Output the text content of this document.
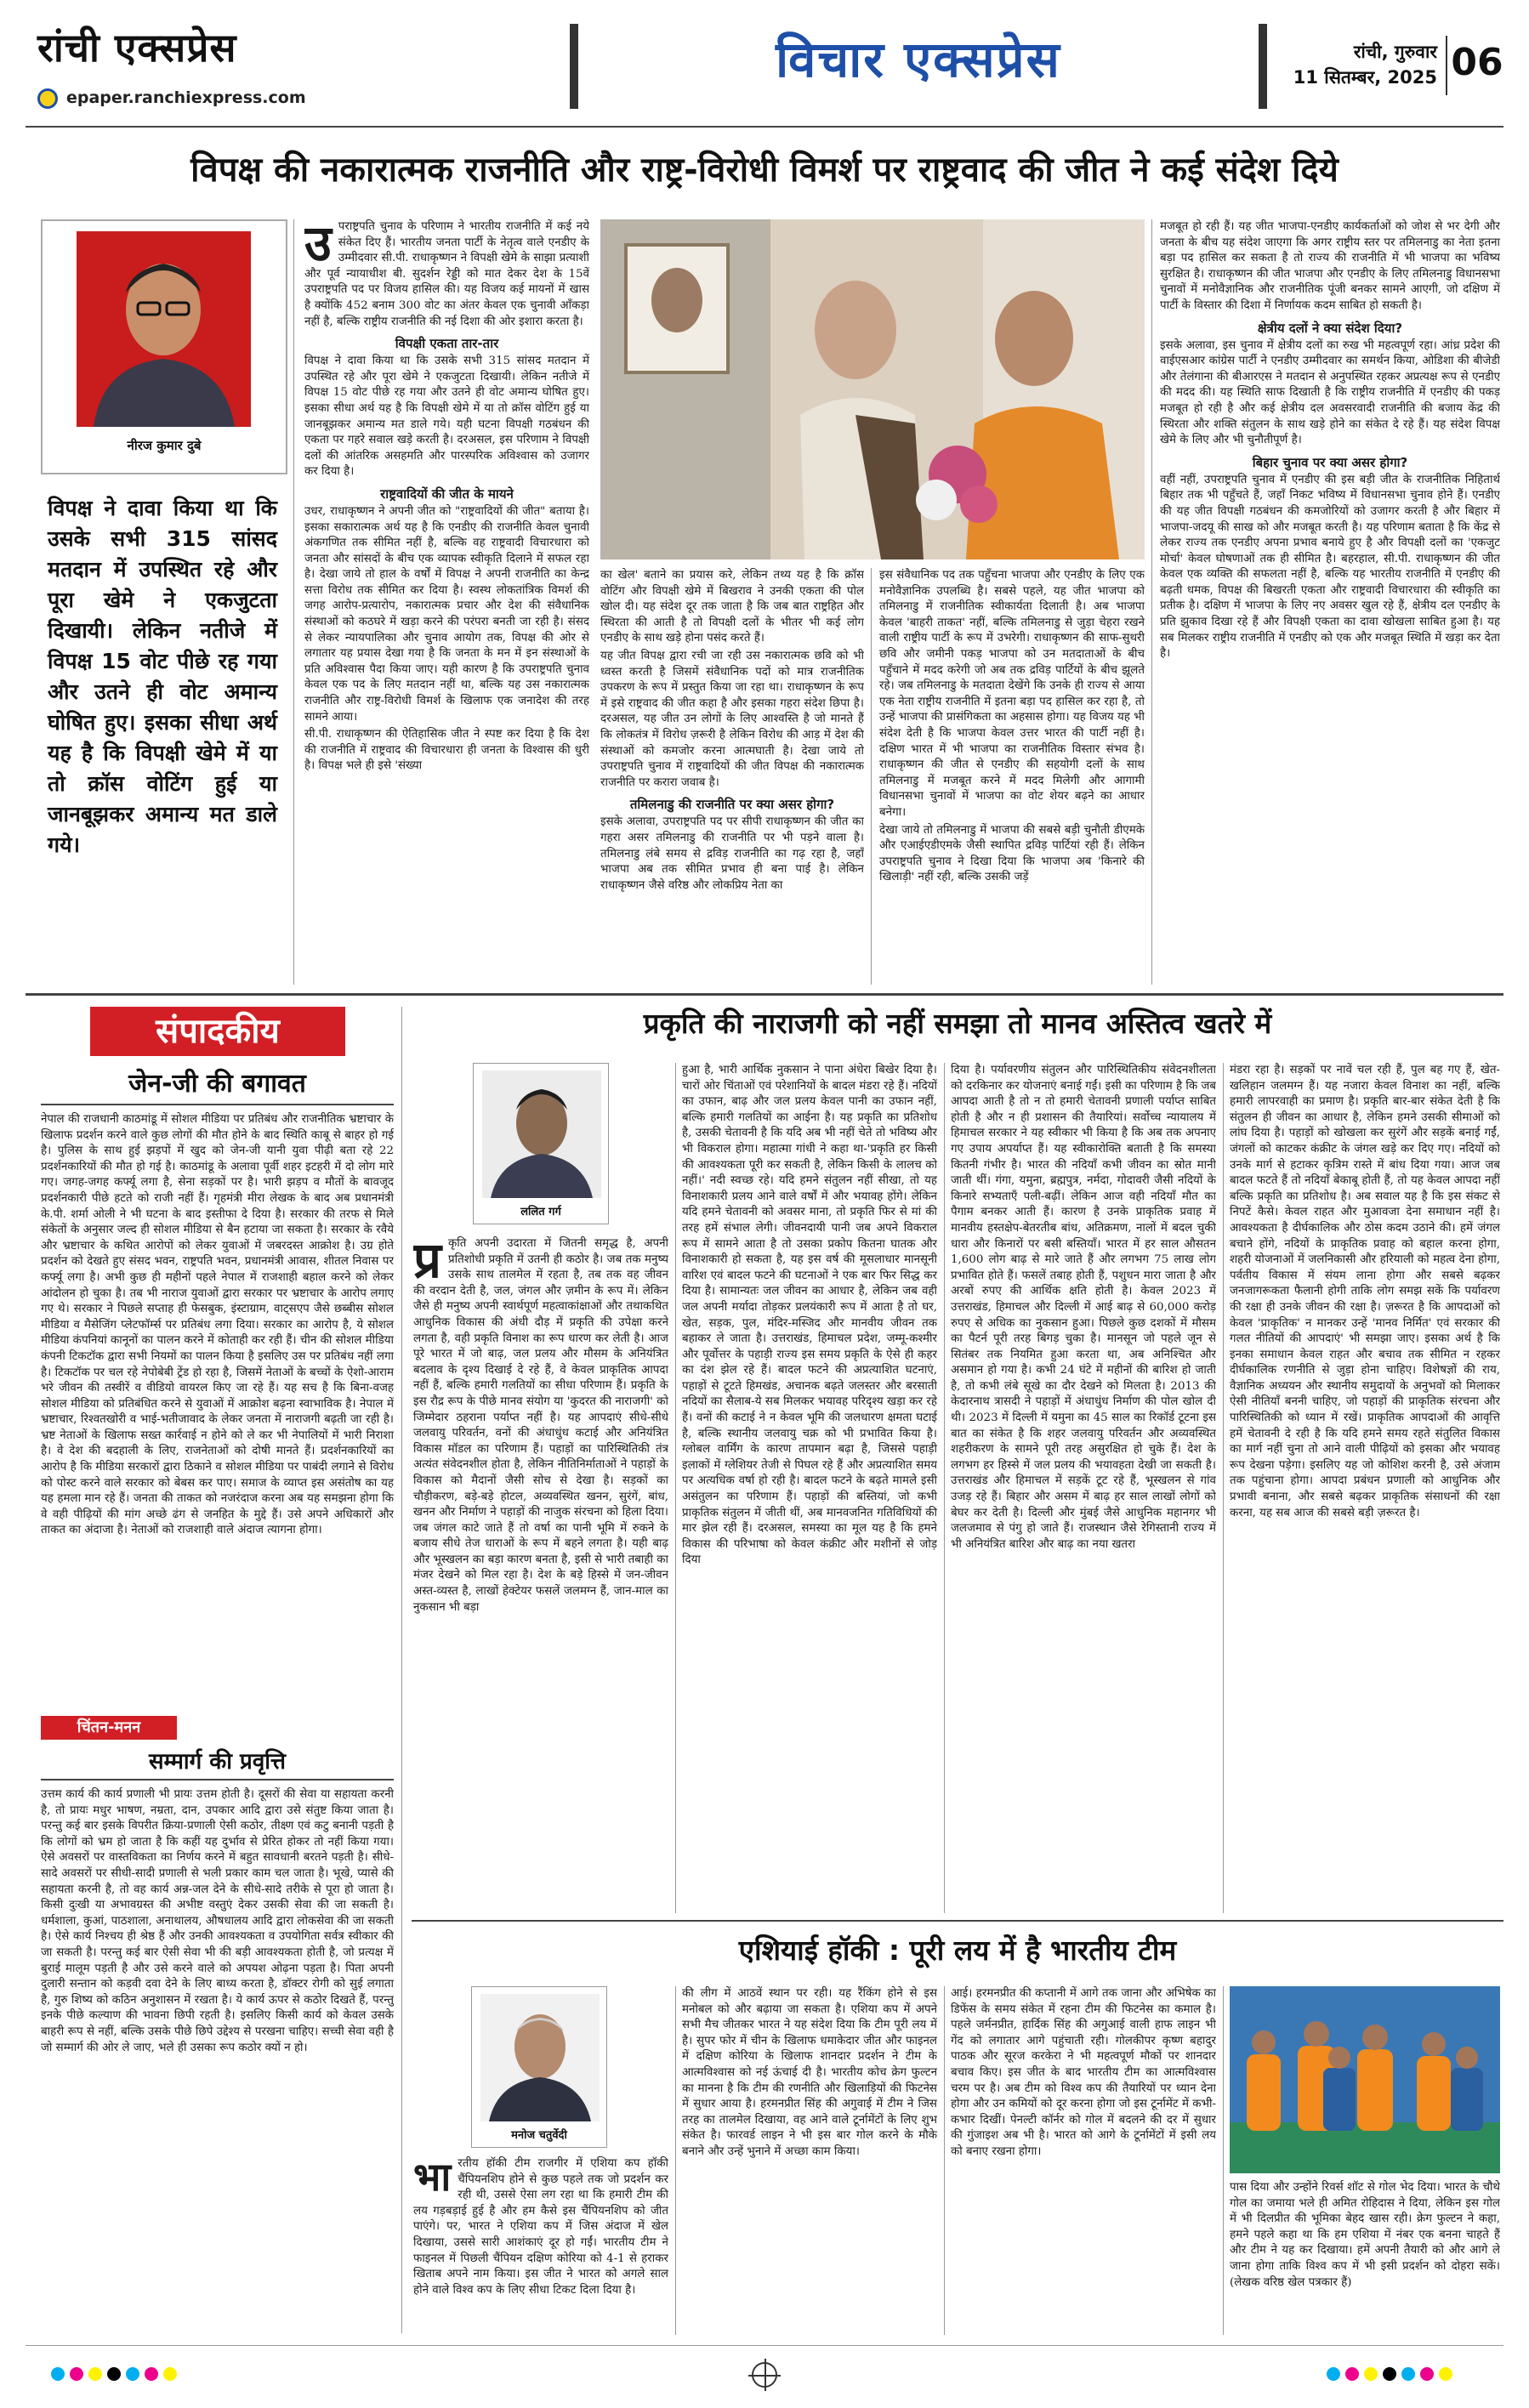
रांची एक्सप्रेस
epaper.ranchiexpress.com
विचार एक्सप्रेस	रांची, गुरुवार
11 सितम्बर, 2025 06
विपक्ष की नकारात्मक राजनीति और राष्ट्र-विरोधी विमर्श पर राष्ट्रवाद की जीत ने कई संदेश दिये
नीरज कुमार दुबे
विपक्ष ने दावा किया था कि उसके सभी 315 सांसद मतदान में उपस्थित रहे और पूरा खेमे ने एकजुटता दिखायी। लेकिन नतीजे में विपक्ष 15 वोट पीछे रह गया और उतने ही वोट अमान्य घोषित हुए। इसका सीधा अर्थ यह है कि विपक्षी खेमे में या तो क्रॉस वोटिंग हुई या जानबूझकर अमान्य मत डाले गये।
उ पराष्ट्रपति चुनाव के परिणाम ने भारतीय राजनीति में कई नये संकेत दिए हैं। भारतीय जनता पार्टी के नेतृत्व वाले एनडीए के उम्मीदवार सी.पी. राधाकृष्णन ने विपक्षी खेमे के साझा प्रत्याशी और पूर्व न्यायाधीश बी. सुदर्शन रेड्डी को मात देकर देश के 15वें उपराष्ट्रपति पद पर विजय हासिल की। यह विजय कई मायनों में खास है क्योंकि 452 बनाम 300 वोट का अंतर केवल एक चुनावी आँकड़ा नहीं है, बल्कि राष्ट्रीय राजनीति की नई दिशा की ओर इशारा करता है।

विपक्षी एकता तार-तार

विपक्ष ने दावा किया था कि उसके सभी 315 सांसद मतदान में उपस्थित रहे और पूरा खेमे ने एकजुटता दिखायी। लेकिन नतीजे में विपक्ष 15 वोट पीछे रह गया और उतने ही वोट अमान्य घोषित हुए। इसका सीधा अर्थ यह है कि विपक्षी खेमे में या तो क्रॉस वोटिंग हुई या जानबूझकर अमान्य मत डाले गये। यही घटना विपक्षी गठबंधन की एकता पर गहरे सवाल खड़े करती है। दरअसल, इस परिणाम ने विपक्षी दलों की आंतरिक असहमति और पारस्परिक अविश्वास को उजागर कर दिया है।

राष्ट्रवादियों की जीत के मायने

उधर, राधाकृष्णन ने अपनी जीत को "राष्ट्रवादियों की जीत" बताया है। इसका सकारात्मक अर्थ यह है कि एनडीए की राजनीति केवल चुनावी अंकगणित तक सीमित नहीं है, बल्कि वह राष्ट्रवादी विचारधारा को जनता और सांसदों के बीच एक व्यापक स्वीकृति दिलाने में सफल रहा है। देखा जाये तो हाल के वर्षों में विपक्ष ने अपनी राजनीति का केन्द्र सत्ता विरोध तक सीमित कर दिया है। स्वस्थ लोकतांत्रिक विमर्श की जगह आरोप-प्रत्यारोप, नकारात्मक प्रचार और देश की संवैधानिक संस्थाओं को कठघरे में खड़ा करने की परंपरा बनती जा रही है। संसद से लेकर न्यायपालिका और चुनाव आयोग तक, विपक्ष की ओर से लगातार यह प्रयास देखा गया है कि जनता के मन में इन संस्थाओं के प्रति अविश्वास पैदा किया जाए। यही कारण है कि उपराष्ट्रपति चुनाव केवल एक पद के लिए मतदान नहीं था, बल्कि यह उस नकारात्मक राजनीति और राष्ट्र-विरोधी विमर्श के खिलाफ एक जनादेश की तरह सामने आया।

सी.पी. राधाकृष्णन की ऐतिहासिक जीत ने स्पष्ट कर दिया है कि देश की राजनीति में राष्ट्रवाद की विचारधारा ही जनता के विश्वास की धुरी है। विपक्ष भले ही इसे 'संख्या

का खेल' बताने का प्रयास करे, लेकिन तथ्य यह है कि क्रॉस वोटिंग और विपक्षी खेमे में बिखराव ने उनकी एकता की पोल खोल दी। यह संदेश दूर तक जाता है कि जब बात राष्ट्रहित और स्थिरता की आती है तो विपक्षी दलों के भीतर भी कई लोग एनडीए के साथ खड़े होना पसंद करते हैं।

यह जीत विपक्ष द्वारा रची जा रही उस नकारात्मक छवि को भी ध्वस्त करती है जिसमें संवैधानिक पदों को मात्र राजनीतिक उपकरण के रूप में प्रस्तुत किया जा रहा था। राधाकृष्णन के रूप में इसे राष्ट्रवाद की जीत कहा है और इसका गहरा संदेश छिपा है। दरअसल, यह जीत उन लोगों के लिए आश्वस्ति है जो मानते हैं कि लोकतंत्र में विरोध ज़रूरी है लेकिन विरोध की आड़ में देश की संस्थाओं को कमजोर करना आत्मघाती है। देखा जाये तो उपराष्ट्रपति चुनाव में राष्ट्रवादियों की जीत विपक्ष की नकारात्मक राजनीति पर करारा जवाब है।

तमिलनाडु की राजनीति पर क्या असर होगा?

इसके अलावा, उपराष्ट्रपति पद पर सीपी राधाकृष्णन की जीत का गहरा असर तमिलनाडु की राजनीति पर भी पड़ने वाला है। तमिलनाडु लंबे समय से द्रविड़ राजनीति का गढ़ रहा है, जहाँ भाजपा अब तक सीमित प्रभाव ही बना पाई है। लेकिन राधाकृष्णन जैसे वरिष्ठ और लोकप्रिय नेता का

इस संवैधानिक पद तक पहुँचना भाजपा और एनडीए के लिए एक मनोवैज्ञानिक उपलब्धि है। सबसे पहले, यह जीत भाजपा को तमिलनाडु में राजनीतिक स्वीकार्यता दिलाती है। अब भाजपा केवल 'बाहरी ताकत' नहीं, बल्कि तमिलनाडु से जुड़ा चेहरा रखने वाली राष्ट्रीय पार्टी के रूप में उभरेगी। राधाकृष्णन की साफ-सुथरी छवि और जमीनी पकड़ भाजपा को उन मतदाताओं के बीच पहुँचाने में मदद करेगी जो अब तक द्रविड़ पार्टियों के बीच झूलते रहे। जब तमिलनाडु के मतदाता देखेंगे कि उनके ही राज्य से आया एक नेता राष्ट्रीय राजनीति में इतना बड़ा पद हासिल कर रहा है, तो उन्हें भाजपा की प्रासंगिकता का अहसास होगा। यह विजय यह भी संदेश देती है कि भाजपा केवल उत्तर भारत की पार्टी नहीं है। दक्षिण भारत में भी भाजपा का राजनीतिक विस्तार संभव है। राधाकृष्णन की जीत से एनडीए की सहयोगी दलों के साथ तमिलनाडु में मजबूत करने में मदद मिलेगी और आगामी विधानसभा चुनावों में भाजपा का वोट शेयर बढ़ने का आधार बनेगा।

देखा जाये तो तमिलनाडु में भाजपा की सबसे बड़ी चुनौती डीएमके और एआईएडीएमके जैसी स्थापित द्रविड़ पार्टियां रही हैं। लेकिन उपराष्ट्रपति चुनाव ने दिखा दिया कि भाजपा अब 'किनारे की खिलाड़ी' नहीं रही, बल्कि उसकी जड़ें

मजबूत हो रही हैं। यह जीत भाजपा-एनडीए कार्यकर्ताओं को जोश से भर देगी और जनता के बीच यह संदेश जाएगा कि अगर राष्ट्रीय स्तर पर तमिलनाडु का नेता इतना बड़ा पद हासिल कर सकता है तो राज्य की राजनीति में भी भाजपा का भविष्य सुरक्षित है। राधाकृष्णन की जीत भाजपा और एनडीए के लिए तमिलनाडु विधानसभा चुनावों में मनोवैज्ञानिक और राजनीतिक पूंजी बनकर सामने आएगी, जो दक्षिण में पार्टी के विस्तार की दिशा में निर्णायक कदम साबित हो सकती है।

क्षेत्रीय दलों ने क्या संदेश दिया?

इसके अलावा, इस चुनाव में क्षेत्रीय दलों का रुख भी महत्वपूर्ण रहा। आंध्र प्रदेश की वाईएसआर कांग्रेस पार्टी ने एनडीए उम्मीदवार का समर्थन किया, ओडिशा की बीजेडी और तेलंगाना की बीआरएस ने मतदान से अनुपस्थित रहकर अप्रत्यक्ष रूप से एनडीए की मदद की। यह स्थिति साफ दिखाती है कि राष्ट्रीय राजनीति में एनडीए की पकड़ मजबूत हो रही है और कई क्षेत्रीय दल अवसरवादी राजनीति की बजाय केंद्र की स्थिरता और शक्ति संतुलन के साथ खड़े होने का संकेत दे रहे हैं। यह संदेश विपक्ष खेमे के लिए और भी चुनौतीपूर्ण है।

बिहार चुनाव पर क्या असर होगा?

वहीं नहीं, उपराष्ट्रपति चुनाव में एनडीए की इस बड़ी जीत के राजनीतिक निहितार्थ बिहार तक भी पहुँचते हैं, जहाँ निकट भविष्य में विधानसभा चुनाव होने हैं। एनडीए की यह जीत विपक्षी गठबंधन की कमजोरियों को उजागर करती है और बिहार में भाजपा-जदयू की साख को और मजबूत करती है। यह परिणाम बताता है कि केंद्र से लेकर राज्य तक एनडीए अपना प्रभाव बनाये हुए है और विपक्षी दलों का 'एकजुट मोर्चा' केवल घोषणाओं तक ही सीमित है। बहरहाल, सी.पी. राधाकृष्णन की जीत केवल एक व्यक्ति की सफलता नहीं है, बल्कि यह भारतीय राजनीति में एनडीए की बढ़ती धमक, विपक्ष की बिखरती एकता और राष्ट्रवादी विचारधारा की स्वीकृति का प्रतीक है। दक्षिण में भाजपा के लिए नए अवसर खुल रहे हैं, क्षेत्रीय दल एनडीए के प्रति झुकाव दिखा रहे हैं और विपक्षी एकता का दावा खोखला साबित हुआ है। यह सब मिलकर राष्ट्रीय राजनीति में एनडीए को एक और मजबूत स्थिति में खड़ा कर देता है।

संपादकीय
जेन-जी की बगावत
नेपाल की राजधानी काठमांडू में सोशल मीडिया पर प्रतिबंध और राजनीतिक भ्रष्टाचार के खिलाफ प्रदर्शन करने वाले कुछ लोगों की मौत होने के बाद स्थिति काबू से बाहर हो गई है। पुलिस के साथ हुई झड़पों में खुद को जेन-जी यानी युवा पीढ़ी बता रहे 22 प्रदर्शनकारियों की मौत हो गई है। काठमांडू के अलावा पूर्वी शहर इटहरी में दो लोग मारे गए। जगह-जगह कर्फ्यू लगा है, सेना सड़कों पर है। भारी झड़प व मौतों के बावजूद प्रदर्शनकारी पीछे हटते को राजी नहीं हैं। गृहमंत्री मीरा लेखक के बाद अब प्रधानमंत्री के.पी. शर्मा ओली ने भी घटना के बाद इस्तीफा दे दिया है। सरकार की तरफ से मिले संकेतों के अनुसार जल्द ही सोशल मीडिया से बैन हटाया जा सकता है। सरकार के रवैये और भ्रष्टाचार के कथित आरोपों को लेकर युवाओं में जबरदस्त आक्रोश है। उग्र होते प्रदर्शन को देखते हुए संसद भवन, राष्ट्रपति भवन, प्रधानमंत्री आवास, शीतल निवास पर कर्फ्यू लगा है। अभी कुछ ही महीनों पहले नेपाल में राजशाही बहाल करने को लेकर आंदोलन हो चुका है। तब भी नाराज युवाओं द्वारा सरकार पर भ्रष्टाचार के आरोप लगाए गए थे। सरकार ने पिछले सप्ताह ही फेसबुक, इंस्टाग्राम, वाट्सएप जैसे छब्बीस सोशल मीडिया व मैसेजिंग प्लेटफॉर्म्स पर प्रतिबंध लगा दिया। सरकार का आरोप है, ये सोशल मीडिया कंपनियां कानूनों का पालन करने में कोताही कर रही हैं। चीन की सोशल मीडिया कंपनी टिकटॉक द्वारा सभी नियमों का पालन किया है इसलिए उस पर प्रतिबंध नहीं लगा है। टिकटॉक पर चल रहे नेपोबेबी ट्रेंड हो रहा है, जिसमें नेताओं के बच्चों के ऐशो-आराम भरे जीवन की तस्वीरें व वीडियो वायरल किए जा रहे हैं। यह सच है कि बिना-वजह सोशल मीडिया को प्रतिबंधित करने से युवाओं में आक्रोश बढ़ना स्वाभाविक है। नेपाल में भ्रष्टाचार, रिश्वतखोरी व भाई-भतीजावाद के लेकर जनता में नाराजगी बढ़ती जा रही है। भ्रष्ट नेताओं के खिलाफ सख्त कार्रवाई न होने को ले कर भी नेपालियों में भारी निराशा है। वे देश की बदहाली के लिए, राजनेताओं को दोषी मानते हैं। प्रदर्शनकारियों का आरोप है कि मीडिया सरकारों द्वारा ठिकाने व सोशल मीडिया पर पाबंदी लगाने से विरोध को पोस्ट करने वाले सरकार को बेबस कर पाए। समाज के व्याप्त इस असंतोष का यह यह हमला मान रहे हैं। जनता की ताकत को नजरंदाज करना अब यह समझना होगा कि वे वही पीढ़ियों की मांग अच्छे ढंग से जनहित के मुद्दे हैं। उसे अपने अधिकारों और ताकत का अंदाजा है। नेताओं को राजशाही वाले अंदाज त्यागना होगा।
चिंतन-मनन
सम्मार्ग की प्रवृत्ति
उत्तम कार्य की कार्य प्रणाली भी प्रायः उत्तम होती है। दूसरों की सेवा या सहायता करनी है, तो प्रायः मधुर भाषण, नम्रता, दान, उपकार आदि द्वारा उसे संतुष्ट किया जाता है। परन्तु कई बार इसके विपरीत क्रिया-प्रणाली ऐसी कठोर, तीक्ष्ण एवं कटु बनानी पड़ती है कि लोगों को भ्रम हो जाता है कि कहीं यह दुर्भाव से प्रेरित होकर तो नहीं किया गया। ऐसे अवसरों पर वास्तविकता का निर्णय करने में बहुत सावधानी बरतने पड़ती है। सीधे-सादे अवसरों पर सीधी-सादी प्रणाली से भली प्रकार काम चल जाता है। भूखे, प्यासे की सहायता करनी है, तो वह कार्य अन्न-जल देने के सीधे-सादे तरीके से पूरा हो जाता है। किसी दुःखी या अभावग्रस्त की अभीष्ट वस्तुएं देकर उसकी सेवा की जा सकती है। धर्मशाला, कुआं, पाठशाला, अनाथालय, औषधालय आदि द्वारा लोकसेवा की जा सकती है। ऐसे कार्य निश्चय ही श्रेष्ठ हैं और उनकी आवश्यकता व उपयोगिता सर्वत्र स्वीकार की जा सकती है। परन्तु कई बार ऐसी सेवा भी की बड़ी आवश्यकता होती है, जो प्रत्यक्ष में बुराई मालूम पड़ती है और उसे करने वाले को अपयश ओढ़ना पड़ता है। पिता अपनी दुलारी सन्तान को कड़वी दवा देने के लिए बाध्य करता है, डॉक्टर रोगी को सुई लगाता है, गुरु शिष्य को कठिन अनुशासन में रखता है। ये कार्य ऊपर से कठोर दिखते हैं, परन्तु इनके पीछे कल्याण की भावना छिपी रहती है। इसलिए किसी कार्य को केवल उसके बाहरी रूप से नहीं, बल्कि उसके पीछे छिपे उद्देश्य से परखना चाहिए। सच्ची सेवा वही है जो सम्मार्ग की ओर ले जाए, भले ही उसका रूप कठोर क्यों न हो।
प्रकृति की नाराजगी को नहीं समझा तो मानव अस्तित्व खतरे में
ललित गर्ग
प्र कृति अपनी उदारता में जितनी समृद्ध है, अपनी प्रतिशोधी प्रकृति में उतनी ही कठोर है। जब तक मनुष्य उसके साथ तालमेल में रहता है, तब तक वह जीवन की वरदान देती है, जल, जंगल और ज़मीन के रूप में। लेकिन जैसे ही मनुष्य अपनी स्वार्थपूर्ण महत्वाकांक्षाओं और तथाकथित आधुनिक विकास की अंधी दौड़ में प्रकृति की उपेक्षा करने लगता है, वही प्रकृति विनाश का रूप धारण कर लेती है। आज पूरे भारत में जो बाढ़, जल प्रलय और मौसम के अनियंत्रित बदलाव के दृश्य दिखाई दे रहे हैं, वे केवल प्राकृतिक आपदा नहीं हैं, बल्कि हमारी गलतियों का सीधा परिणाम हैं। प्रकृति के इस रौद्र रूप के पीछे मानव संयोग या 'कुदरत की नाराजगी' को जिम्मेदार ठहराना पर्याप्त नहीं है। यह आपदाएं सीधे-सीधे जलवायु परिवर्तन, वनों की अंधाधुंध कटाई और अनियंत्रित विकास मॉडल का परिणाम हैं। पहाड़ों का पारिस्थितिकी तंत्र अत्यंत संवेदनशील होता है, लेकिन नीतिनिर्माताओं ने पहाड़ों के विकास को मैदानों जैसी सोच से देखा है। सड़कों का चौड़ीकरण, बड़े-बड़े होटल, अव्यवस्थित खनन, सुरंगें, बांध, खनन और निर्माण ने पहाड़ों की नाजुक संरचना को हिला दिया। जब जंगल काटे जाते हैं तो वर्षा का पानी भूमि में रुकने के बजाय सीधे तेज धाराओं के रूप में बहने लगता है। यही बाढ़ और भूस्खलन का बड़ा कारण बनता है, इसी से भारी तबाही का मंजर देखने को मिल रहा है। देश के बड़े हिस्से में जन-जीवन अस्त-व्यस्त है, लाखों हेक्टेयर फसलें जलमग्न हैं, जान-माल का नुकसान भी बड़ा
हुआ है, भारी आर्थिक नुकसान ने पाना अंधेरा बिखेर दिया है। चारों ओर चिंताओं एवं परेशानियों के बादल मंडरा रहे हैं। नदियों का उफान, बाढ़ और जल प्रलय केवल पानी का उफान नहीं, बल्कि हमारी गलतियों का आईना है। यह प्रकृति का प्रतिशोध है, उसकी चेतावनी है कि यदि अब भी नहीं चेते तो भविष्य और भी विकराल होगा। महात्मा गांधी ने कहा था-'प्रकृति हर किसी की आवश्यकता पूरी कर सकती है, लेकिन किसी के लालच को नहीं।' नदी स्वच्छ रहे। यदि हमने संतुलन नहीं सीखा, तो यह विनाशकारी प्रलय आने वाले वर्षों में और भयावह होंगे। लेकिन यदि हमने चेतावनी को अवसर माना, तो प्रकृति फिर से मां की तरह हमें संभाल लेगी। जीवनदायी पानी जब अपने विकराल रूप में सामने आता है तो उसका प्रकोप कितना घातक और विनाशकारी हो सकता है, यह इस वर्ष की मूसलाधार मानसूनी वारिश एवं बादल फटने की घटनाओं ने एक बार फिर सिद्ध कर दिया है। सामान्यतः जल जीवन का आधार है, लेकिन जब वही जल अपनी मर्यादा तोड़कर प्रलयंकारी रूप में आता है तो घर, खेत, सड़क, पुल, मंदिर-मस्जिद और मानवीय जीवन तक बहाकर ले जाता है। उत्तराखंड, हिमाचल प्रदेश, जम्मू-कश्मीर और पूर्वोत्तर के पहाड़ी राज्य इस समय प्रकृति के ऐसे ही कहर का दंश झेल रहे हैं। बादल फटने की अप्रत्याशित घटनाएं, पहाड़ों से टूटते हिमखंड, अचानक बढ़ते जलस्तर और बरसाती नदियों का सैलाब-ये सब मिलकर भयावह परिदृश्य खड़ा कर रहे हैं। वनों की कटाई ने न केवल भूमि की जलधारण क्षमता घटाई है, बल्कि स्थानीय जलवायु चक्र को भी प्रभावित किया है। ग्लोबल वार्मिंग के कारण तापमान बढ़ा है, जिससे पहाड़ी इलाकों में ग्लेशियर तेजी से पिघल रहे हैं और अप्रत्याशित समय पर अत्यधिक वर्षा हो रही है। बादल फटने के बढ़ते मामले इसी असंतुलन का परिणाम हैं। पहाड़ों की बस्तियां, जो कभी प्राकृतिक संतुलन में जीती थीं, अब मानवजनित गतिविधियों की मार झेल रही हैं। दरअसल, समस्या का मूल यह है कि हमने विकास की परिभाषा को केवल कंक्रीट और मशीनों से जोड़ दिया
दिया है। पर्यावरणीय संतुलन और पारिस्थितिकीय संवेदनशीलता को दरकिनार कर योजनाएं बनाई गईं। इसी का परिणाम है कि जब आपदा आती है तो न तो हमारी चेतावनी प्रणाली पर्याप्त साबित होती है और न ही प्रशासन की तैयारियां। सर्वोच्च न्यायालय में हिमाचल सरकार ने यह स्वीकार भी किया है कि अब तक अपनाए गए उपाय अपर्याप्त हैं। यह स्वीकारोक्ति बताती है कि समस्या कितनी गंभीर है। भारत की नदियाँ कभी जीवन का स्रोत मानी जाती थीं। गंगा, यमुना, ब्रह्मपुत्र, नर्मदा, गोदावरी जैसी नदियों के किनारे सभ्यताएँ पली-बढ़ीं। लेकिन आज वही नदियाँ मौत का पैगाम बनकर आती हैं। कारण है उनके प्राकृतिक प्रवाह में मानवीय हस्तक्षेप-बेतरतीब बांध, अतिक्रमण, नालों में बदल चुकी धारा और किनारों पर बसी बस्तियाँ। भारत में हर साल औसतन 1,600 लोग बाढ़ से मारे जाते हैं और लगभग 75 लाख लोग प्रभावित होते हैं। फसलें तबाह होती हैं, पशुधन मारा जाता है और अरबों रुपए की आर्थिक क्षति होती है। केवल 2023 में उत्तराखंड, हिमाचल और दिल्ली में आई बाढ़ से 60,000 करोड़ रुपए से अधिक का नुकसान हुआ। पिछले कुछ दशकों में मौसम का पैटर्न पूरी तरह बिगड़ चुका है। मानसून जो पहले जून से सितंबर तक नियमित हुआ करता था, अब अनिश्चित और असमान हो गया है। कभी 24 घंटे में महीनों की बारिश हो जाती है, तो कभी लंबे सूखे का दौर देखने को मिलता है। 2013 की केदारनाथ त्रासदी ने पहाड़ों में अंधाधुंध निर्माण की पोल खोल दी थी। 2023 में दिल्ली में यमुना का 45 साल का रिकॉर्ड टूटना इस बात का संकेत है कि शहर जलवायु परिवर्तन और अव्यवस्थित शहरीकरण के सामने पूरी तरह असुरक्षित हो चुके हैं। देश के लगभग हर हिस्से में जल प्रलय की भयावहता देखी जा सकती है। उत्तराखंड और हिमाचल में सड़कें टूट रहे हैं, भूस्खलन से गांव उजड़ रहे हैं। बिहार और असम में बाढ़ हर साल लाखों लोगों को बेघर कर देती है। दिल्ली और मुंबई जैसे आधुनिक महानगर भी जलजमाव से पंगु हो जाते हैं। राजस्थान जैसे रेगिस्तानी राज्य में भी अनियंत्रित बारिश और बाढ़ का नया खतरा
मंडरा रहा है। सड़कों पर नावें चल रही हैं, पुल बह गए हैं, खेत-खलिहान जलमग्न हैं। यह नजारा केवल विनाश का नहीं, बल्कि हमारी लापरवाही का प्रमाण है। प्रकृति बार-बार संकेत देती है कि संतुलन ही जीवन का आधार है, लेकिन हमने उसकी सीमाओं को लांघ दिया है। पहाड़ों को खोखला कर सुरंगें और सड़कें बनाई गईं, जंगलों को काटकर कंक्रीट के जंगल खड़े कर दिए गए। नदियों को उनके मार्ग से हटाकर कृत्रिम रास्ते में बांध दिया गया। आज जब बादल फटते हैं तो नदियाँ बेकाबू होती हैं, तो यह केवल आपदा नहीं बल्कि प्रकृति का प्रतिशोध है। अब सवाल यह है कि इस संकट से निपटें कैसे। केवल राहत और मुआवजा देना समाधान नहीं है। आवश्यकता है दीर्घकालिक और ठोस कदम उठाने की। हमें जंगल बचाने होंगे, नदियों के प्राकृतिक प्रवाह को बहाल करना होगा, शहरी योजनाओं में जलनिकासी और हरियाली को महत्व देना होगा, पर्वतीय विकास में संयम लाना होगा और सबसे बढ़कर जनजागरूकता फैलानी होगी ताकि लोग समझ सकें कि पर्यावरण की रक्षा ही उनके जीवन की रक्षा है। ज़रूरत है कि आपदाओं को केवल 'प्राकृतिक' न मानकर उन्हें 'मानव निर्मित' एवं सरकार की गलत नीतियों की आपदाएं' भी समझा जाए। इसका अर्थ है कि इनका समाधान केवल राहत और बचाव तक सीमित न रहकर दीर्घकालिक रणनीति से जुड़ा होना चाहिए। विशेषज्ञों की राय, वैज्ञानिक अध्ययन और स्थानीय समुदायों के अनुभवों को मिलाकर ऐसी नीतियाँ बननी चाहिए, जो पहाड़ों की प्राकृतिक संरचना और पारिस्थितिकी को ध्यान में रखें। प्राकृतिक आपदाओं की आवृत्ति हमें चेतावनी दे रही है कि यदि हमने समय रहते संतुलित विकास का मार्ग नहीं चुना तो आने वाली पीढ़ियों को इसका और भयावह रूप देखना पड़ेगा। इसलिए यह जो कोशिश करनी है, उसे अंजाम तक पहुंचाना होगा। आपदा प्रबंधन प्रणाली को आधुनिक और प्रभावी बनाना, और सबसे बढ़कर प्राकृतिक संसाधनों की रक्षा करना, यह सब आज की सबसे बड़ी ज़रूरत है।
एशियाई हॉकी : पूरी लय में है भारतीय टीम
मनोज चतुर्वेदी
भा रतीय हॉकी टीम राजगीर में एशिया कप हॉकी चैंपियनशिप होने से कुछ पहले तक जो प्रदर्शन कर रही थी, उससे ऐसा लग रहा था कि हमारी टीम की लय गड़बड़ाई हुई है और हम कैसे इस चैंपियनशिप को जीत पाएंगे। पर, भारत ने एशिया कप में जिस अंदाज में खेल दिखाया, उससे सारी आशंकाएं दूर हो गईं। भारतीय टीम ने फाइनल में पिछली चैंपियन दक्षिण कोरिया को 4-1 से हराकर खिताब अपने नाम किया। इस जीत ने भारत को अगले साल होने वाले विश्व कप के लिए सीधा टिकट दिला दिया है।
की लीग में आठवें स्थान पर रही। यह रैंकिंग होने से इस मनोबल को और बढ़ाया जा सकता है। एशिया कप में अपने सभी मैच जीतकर भारत ने यह संदेश दिया कि टीम पूरी लय में है। सुपर फोर में चीन के खिलाफ धमाकेदार जीत और फाइनल में दक्षिण कोरिया के खिलाफ शानदार प्रदर्शन ने टीम के आत्मविश्वास को नई ऊंचाई दी है। भारतीय कोच क्रेग फुल्टन का मानना है कि टीम की रणनीति और खिलाड़ियों की फिटनेस में सुधार आया है। हरमनप्रीत सिंह की अगुवाई में टीम ने जिस तरह का तालमेल दिखाया, वह आने वाले टूर्नामेंटों के लिए शुभ संकेत है। फारवर्ड लाइन ने भी इस बार गोल करने के मौके बनाने और उन्हें भुनाने में अच्छा काम किया।
आई। हरमनप्रीत की कप्तानी में आगे तक जाना और अभिषेक का डिफेंस के समय संकेत में रहना टीम की फिटनेस का कमाल है। पहले जर्मनप्रीत, हार्दिक सिंह की अगुआई वाली हाफ लाइन भी गेंद को लगातार आगे पहुंचाती रही। गोलकीपर कृष्ण बहादुर पाठक और सूरज करकेरा ने भी महत्वपूर्ण मौकों पर शानदार बचाव किए। इस जीत के बाद भारतीय टीम का आत्मविश्वास चरम पर है। अब टीम को विश्व कप की तैयारियों पर ध्यान देना होगा और उन कमियों को दूर करना होगा जो इस टूर्नामेंट में कभी-कभार दिखीं। पेनल्टी कॉर्नर को गोल में बदलने की दर में सुधार की गुंजाइश अब भी है। भारत को आगे के टूर्नामेंटों में इसी लय को बनाए रखना होगा।
पास दिया और उन्होंने रिवर्स शॉट से गोल भेद दिया। भारत के चौथे गोल का जमाया भले ही अमित रोहिदास ने दिया, लेकिन इस गोल में भी दिलप्रीत की भूमिका बेहद खास रही। क्रेग फुल्टन ने कहा, हमने पहले कहा था कि हम एशिया में नंबर एक बनना चाहते हैं और टीम ने यह कर दिखाया। हमें अपनी तैयारी को और आगे ले जाना होगा ताकि विश्व कप में भी इसी प्रदर्शन को दोहरा सकें। (लेखक वरिष्ठ खेल पत्रकार हैं)
